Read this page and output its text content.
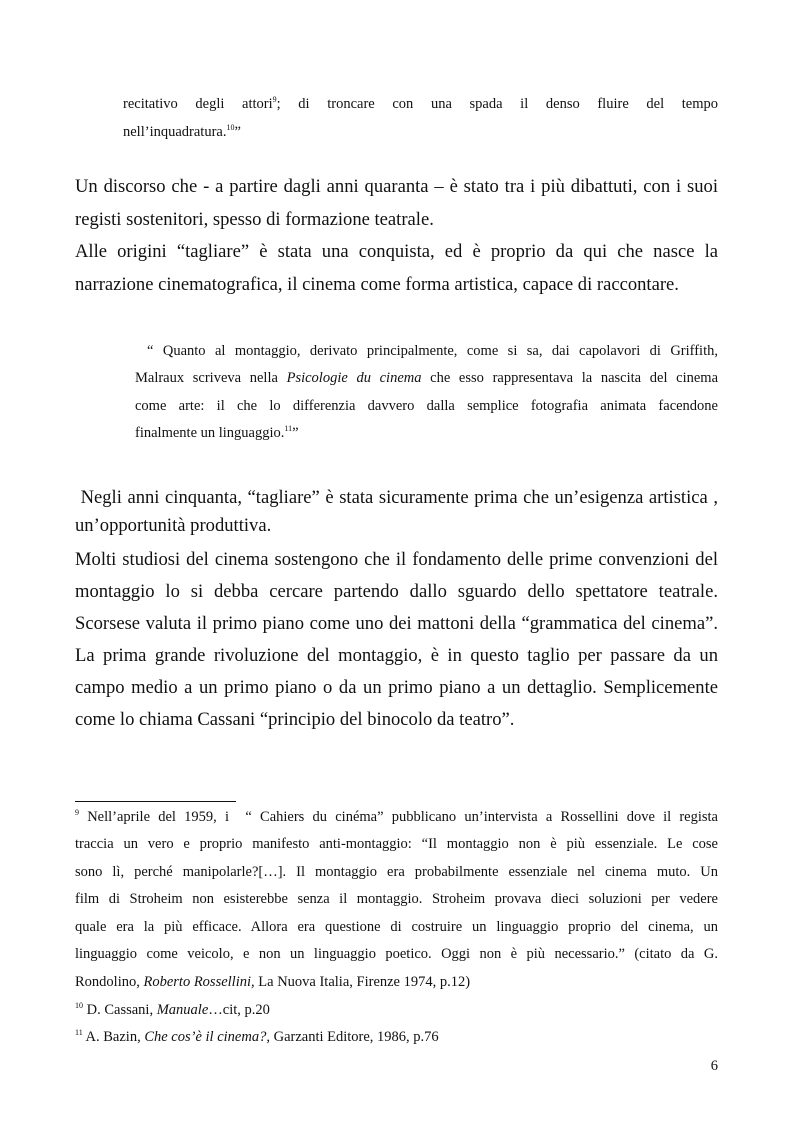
recitativo degli attori$^9$; di troncare con una spada il denso fluire del tempo
nell’inquadratura.$^{10}$”
Un discorso che - a partire dagli anni quaranta – è stato tra i più dibattuti, con i suoi
registi sostenitori, spesso di formazione teatrale.
Alle origini “tagliare” è stata una conquista, ed è proprio da qui che nasce la
narrazione cinematografica, il cinema come forma artistica, capace di raccontare.
“ Quanto al montaggio, derivato principalmente, come si sa, dai capolavori di Griffith,
Malraux scriveva nella Psicologie du cinema che esso rappresentava la nascita del cinema
come arte: il che lo differenzia davvero dalla semplice fotografia animata facendone
finalmente un linguaggio.$^{11}$”
Negli anni cinquanta, “tagliare” è stata sicuramente prima che un’esigenza artistica ,
un’opportunità produttiva.
Molti studiosi del cinema sostengono che il fondamento delle prime convenzioni del
montaggio lo si debba cercare partendo dallo sguardo dello spettatore teatrale.
Scorsese valuta il primo piano come uno dei mattoni della “grammatica del cinema”.
La prima grande rivoluzione del montaggio, è in questo taglio per passare da un
campo medio a un primo piano o da un primo piano a un dettaglio. Semplicemente
come lo chiama Cassani “principio del binocolo da teatro”.
$^9$ Nell’aprile del 1959, i  “ Cahiers du cinéma” pubblicano un’intervista a Rossellini dove il regista
traccia un vero e proprio manifesto anti-montaggio: “Il montaggio non è più essenziale. Le cose
sono lì, perché manipolarle?[…]. Il montaggio era probabilmente essenziale nel cinema muto. Un
film di Stroheim non esisterebbe senza il montaggio. Stroheim provava dieci soluzioni per vedere
quale era la più efficace. Allora era questione di costruire un linguaggio proprio del cinema, un
linguaggio come veicolo, e non un linguaggio poetico. Oggi non è più necessario.” (citato da G.
Rondolino, Roberto Rossellini, La Nuova Italia, Firenze 1974, p.12)
$^{10}$ D. Cassani, Manuale…cit, p.20
$^{11}$ A. Bazin, Che cos’è il cinema?, Garzanti Editore, 1986, p.76
6
